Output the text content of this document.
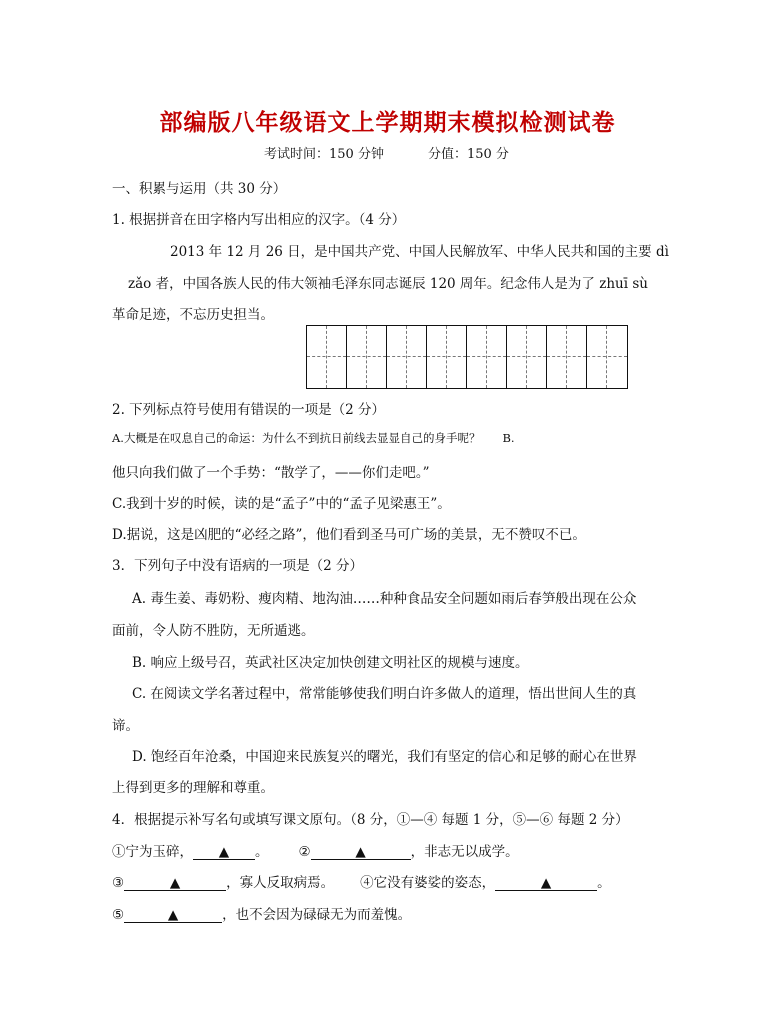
部编版八年级语文上学期期末模拟检测试卷
考试时间：150 分钟	分值：150 分
一、积累与运用（共 30 分）
1. 根据拼音在田字格内写出相应的汉字。（4 分）
2013 年 12 月 26 日，是中国共产党、中国人民解放军、中华人民共和国的主要 dì
zǎo 者，中国各族人民的伟大领袖毛泽东同志诞辰 120 周年。纪念伟人是为了 zhuī sù
革命足迹，不忘历史担当。
2. 下列标点符号使用有错误的一项是（2 分）
A.大概是在叹息自己的命运：为什么不到抗日前线去显显自己的身手呢？ B.
他只向我们做了一个手势：“散学了，——你们走吧。”
C.我到十岁的时候，读的是“孟子”中的“孟子见梁惠王”。
D.据说，这是凶肥的“必经之路”，他们看到圣马可广场的美景，无不赞叹不已。
3．下列句子中没有语病的一项是（2 分）
A. 毒生姜、毒奶粉、瘦肉精、地沟油……种种食品安全问题如雨后春笋般出现在公众
面前，令人防不胜防，无所遁逃。
B. 响应上级号召，英武社区决定加快创建文明社区的规模与速度。
C. 在阅读文学名著过程中，常常能够使我们明白许多做人的道理，悟出世间人生的真
谛。
D. 饱经百年沧桑，中国迎来民族复兴的曙光，我们有坚定的信心和足够的耐心在世界
上得到更多的理解和尊重。
4．根据提示补写名句或填写课文原句。（8 分，①—④ 每题 1 分，⑤—⑥ 每题 2 分）
①宁为玉碎， ▲ 。 ②	▲	，非志无以成学。
③	▲	，寡人反取病焉。 ④它没有婆娑的姿态，	▲	。
⑤	▲	，也不会因为碌碌无为而羞愧。
